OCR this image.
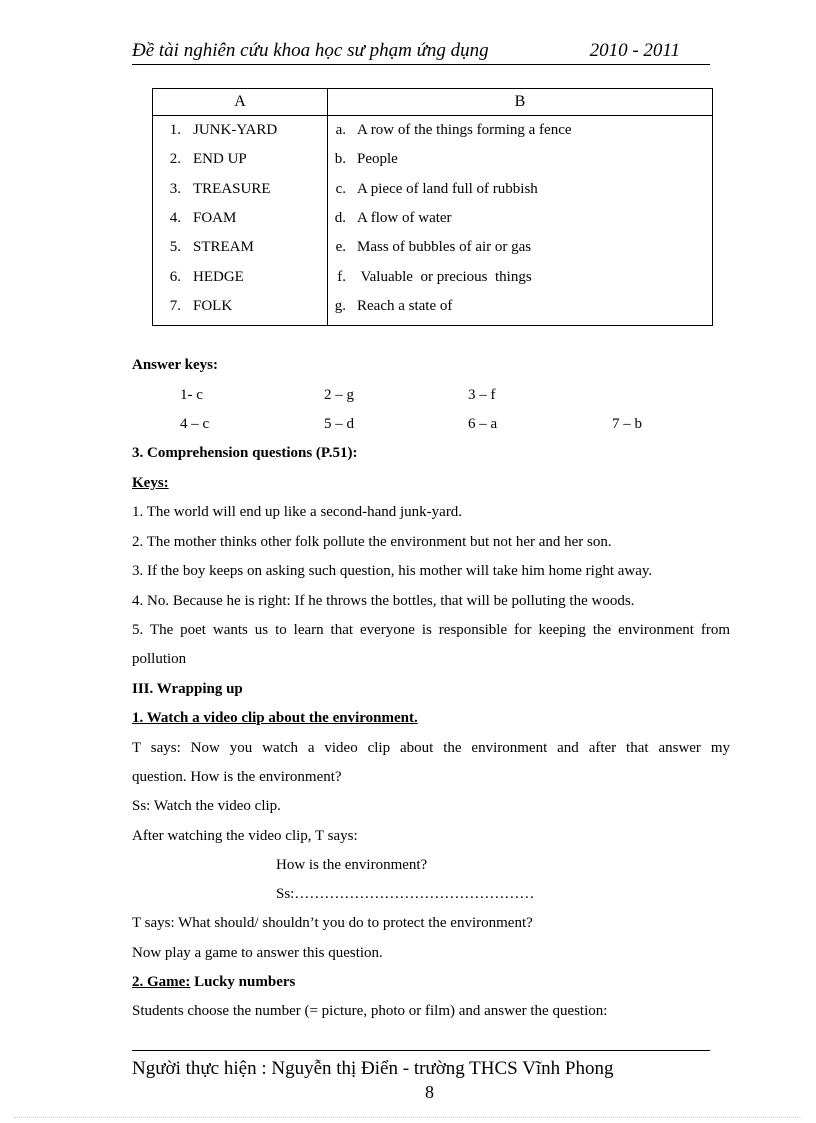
Đề tài nghiên cứu khoa học sư phạm ứng dụng	2010 - 2011
A	B
1. JUNK-YARD	a. A row of the things forming a fence
2. END UP	b. People
3. TREASURE	c. A piece of land full of rubbish
4. FOAM	d. A flow of water
5. STREAM	e. Mass of bubbles of air or gas
6. HEDGE	f. Valuable  or precious  things
7. FOLK	g. Reach a state of
Answer keys:
1- c	2 – g	3 – f
4 – c	5 – d	6 – a	7 – b
3. Comprehension questions (P.51):
Keys:
1. The world will end up like a second-hand junk-yard.
2. The mother thinks other folk pollute the environment but not her and her son.
3. If the boy keeps on asking such question, his mother will take him home right away.
4. No. Because he is right: If he throws the bottles, that will be polluting the woods.
5. The poet wants us to learn that everyone is responsible for keeping the environment from
pollution
III. Wrapping up
1. Watch a video clip about the environment.
T says: Now you watch a video clip about the environment and after that answer my
question. How is the environment?
Ss: Watch the video clip.
After watching the video clip, T says:
How is the environment?
Ss:…………………………………………
T says: What should/ shouldn’t you do to protect the environment?
Now play a game to answer this question.
2. Game: Lucky numbers
Students choose the number (= picture, photo or film) and answer the question:
Người thực hiện : Nguyễn thị Điển - trường THCS Vĩnh Phong
8
